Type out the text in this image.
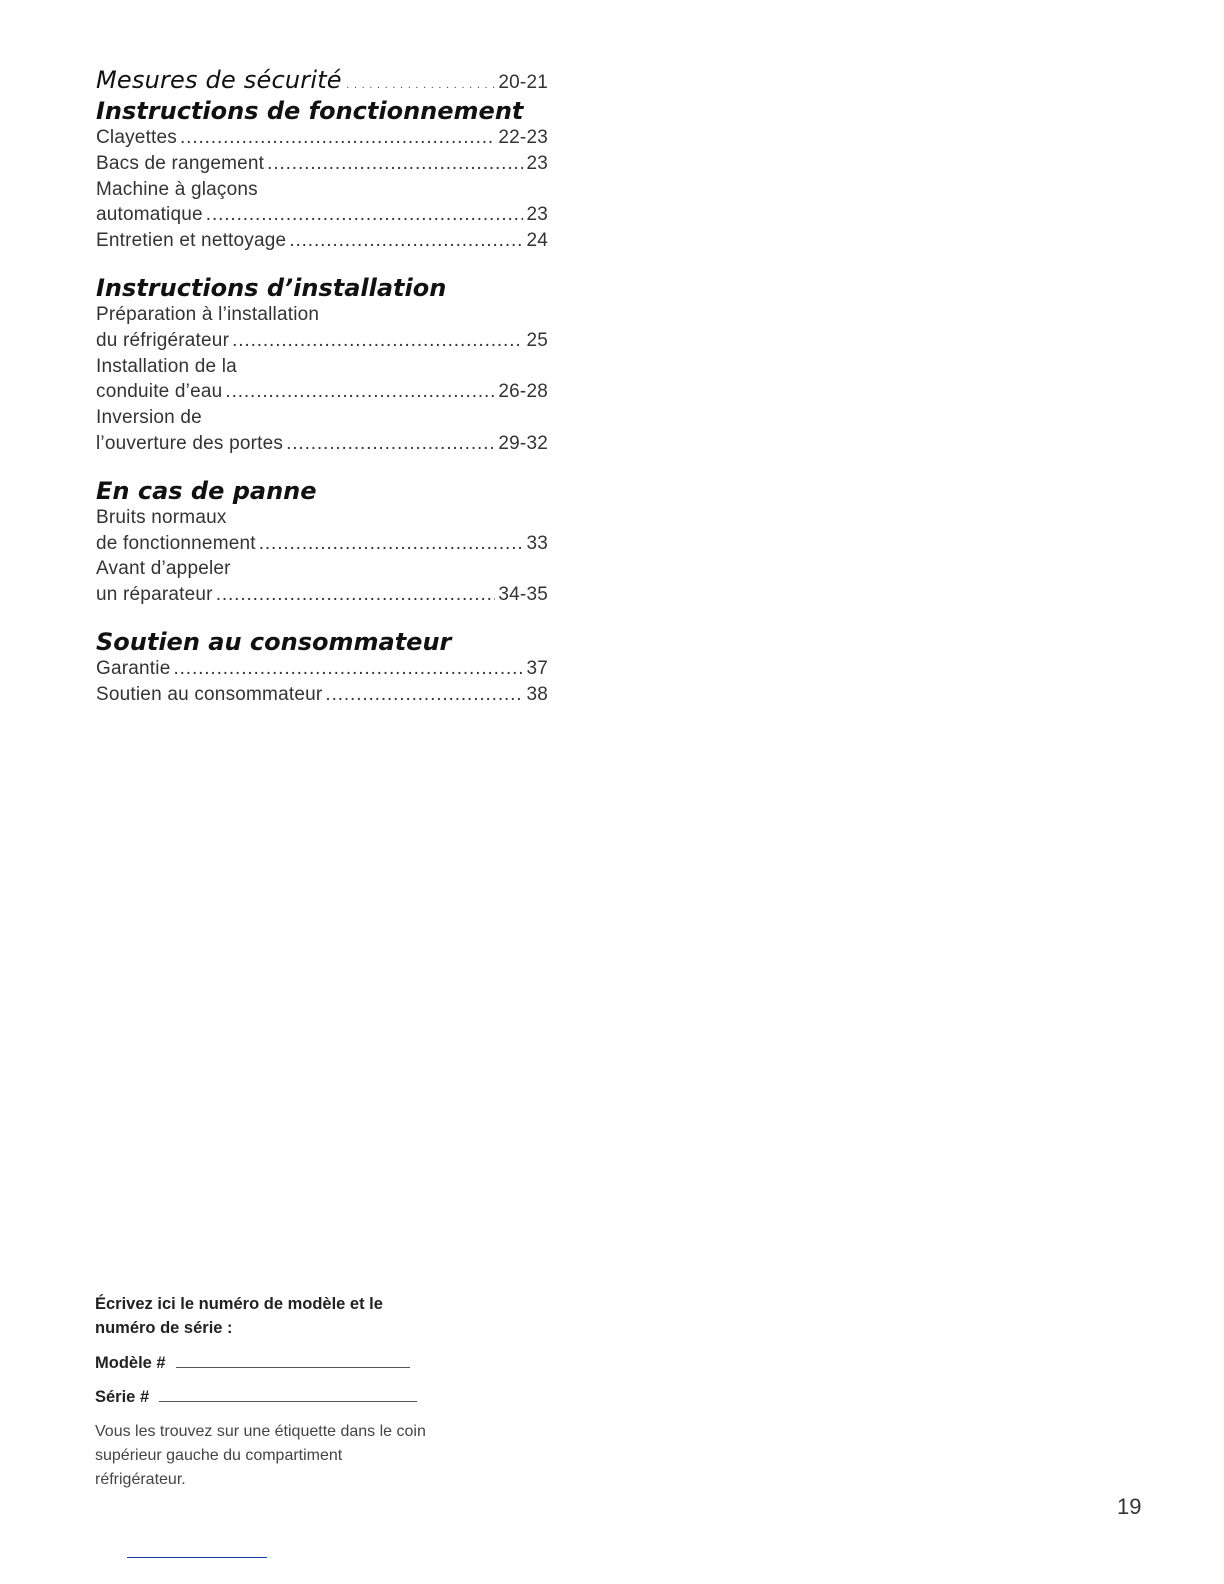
Mesures de sécurité . . .	20-21
Instructions de fonctionnement
Clayettes . . .	22-23
Bacs de rangement . . .	23
Machine à glaçons
automatique . . .	23
Entretien et nettoyage . . .	24
Instructions d’installation
Préparation à l’installation
du réfrigérateur . . .	25
Installation de la
conduite d’eau . . .	26-28
Inversion de
l’ouverture des portes . . .	29-32
En cas de panne
Bruits normaux
de fonctionnement . . .	33
Avant d’appeler
un réparateur . . .	34-35
Soutien au consommateur
Garantie . . .	37
Soutien au consommateur . . .	38

Écrivez ici le numéro de modèle et le numéro de série :

Modèle #
Série #

Vous les trouvez sur une étiquette dans le coin supérieur gauche du compartiment réfrigérateur.

19
